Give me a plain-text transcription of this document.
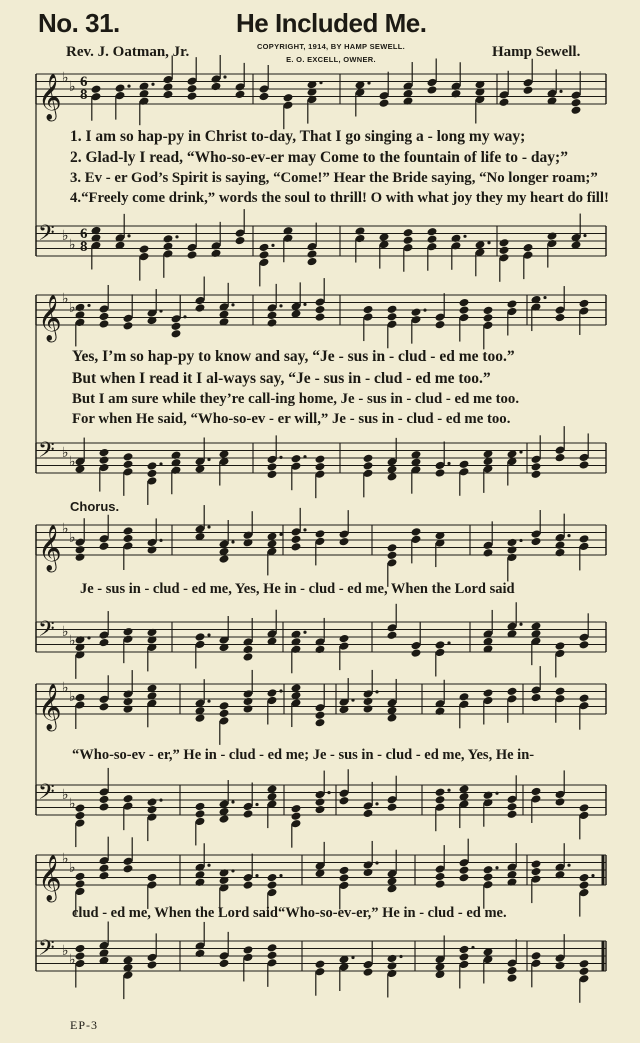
No. 31.	He Included Me.
Rev. J. Oatman, Jr.	COPYRIGHT, 1914, BY HAMP SEWELL.
E. O. EXCELL, OWNER.	Hamp Sewell.
𝄞 ♭
♭ 6
8
𝄢 ♭
♭
6
8
𝄞 ♭
♭
𝄢 ♭
♭
𝄞 ♭
♭
𝄢 ♭
♭
𝄞 ♭
♭
𝄢 ♭
♭
𝄞 ♭
♭
𝄢 ♭
♭
1. I am so hap-py in Christ to-day, That I go singing a - long my way;
2. Glad-ly I read, “Who-so-ev-er may Come to the fountain of life to - day;”
3. Ev - er God’s Spirit is saying, “Come!” Hear the Bride saying, “No longer roam;”
4.“Freely come drink,” words the soul to thrill! O with what joy they my heart do fill!
Yes, I’m so hap-py to know and say, “Je - sus in - clud - ed me too.”
But when I read it I al-ways say, “Je - sus in - clud - ed me too.”
But I am sure while they’re call-ing home, Je - sus in - clud - ed me too.
For when He said, “Who-so-ev - er will,” Je - sus in - clud - ed me too.
Chorus.
Je - sus in - clud - ed me, Yes, He in - clud - ed me, When the Lord said
“Who-so-ev - er,” He in - clud - ed me; Je - sus in - clud - ed me, Yes, He in-
clud - ed me, When the Lord said“Who-so-ev-er,” He in - clud - ed me.
EP-3
